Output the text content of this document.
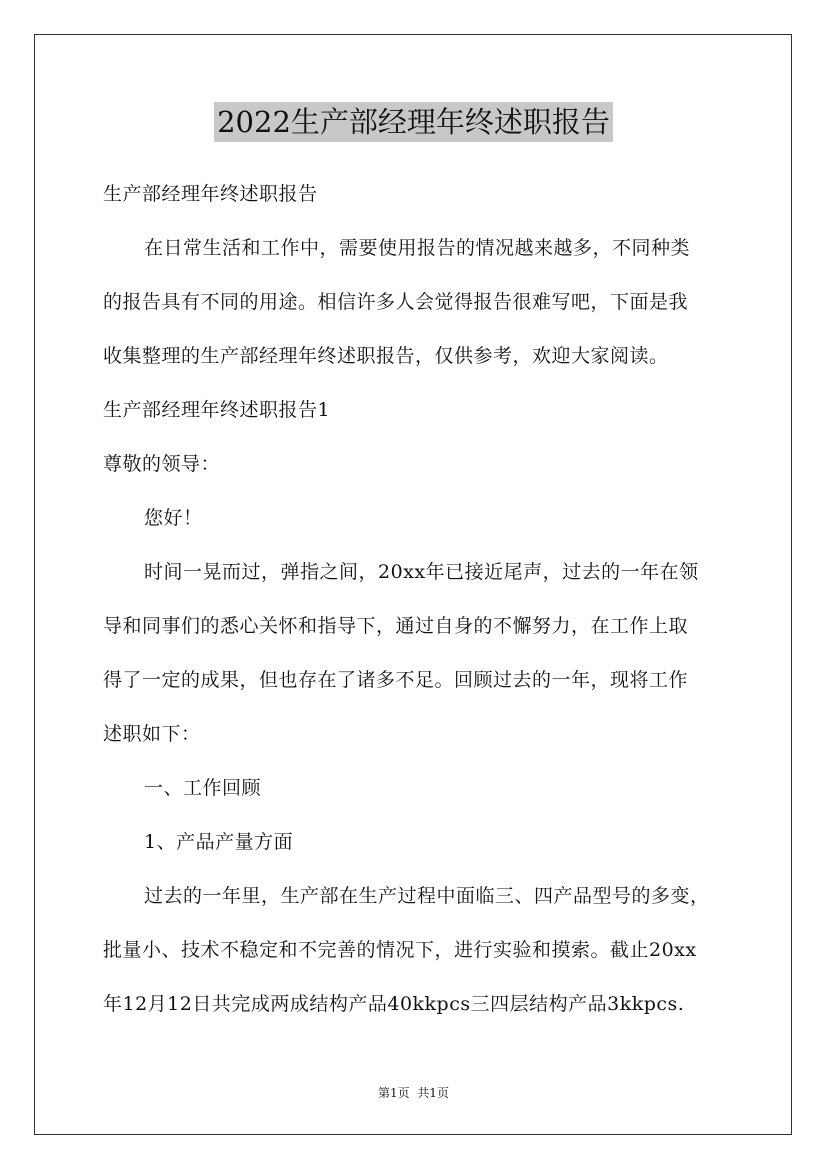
2022生产部经理年终述职报告
生产部经理年终述职报告
在日常生活和工作中，需要使用报告的情况越来越多，不同种类
的报告具有不同的用途。相信许多人会觉得报告很难写吧，下面是我
收集整理的生产部经理年终述职报告，仅供参考，欢迎大家阅读。
生产部经理年终述职报告1
尊敬的领导：
您好！
时间一晃而过，弹指之间，20xx年已接近尾声，过去的一年在领
导和同事们的悉心关怀和指导下，通过自身的不懈努力，在工作上取
得了一定的成果，但也存在了诸多不足。回顾过去的一年，现将工作
述职如下：
一、工作回顾
1、产品产量方面
过去的一年里，生产部在生产过程中面临三、四产品型号的多变，
批量小、技术不稳定和不完善的情况下，进行实验和摸索。截止20xx
年12月12日共完成两成结构产品40kkpcs三四层结构产品3kkpcs.
第1页  共1页
